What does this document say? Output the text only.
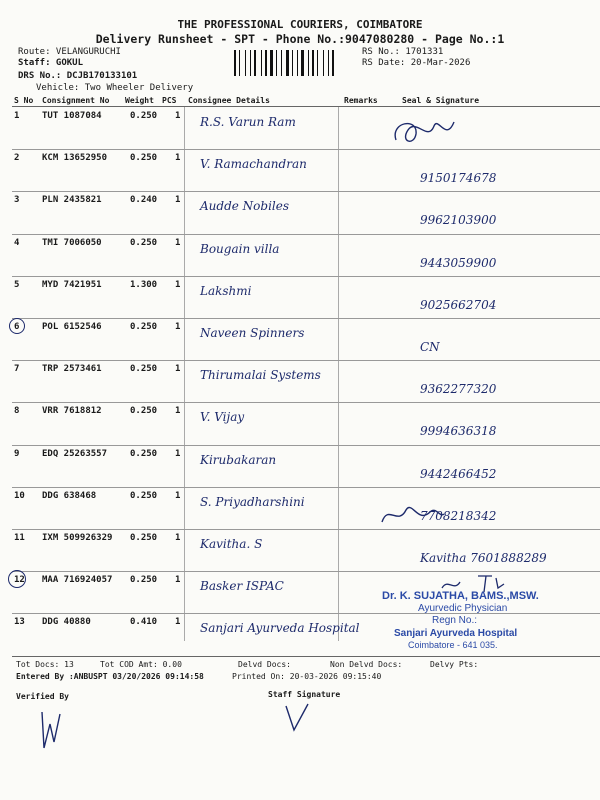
THE PROFESSIONAL COURIERS, COIMBATORE
Delivery Runsheet - SPT - Phone No.:9047080280 - Page No.:1
Route: VELANGURUCHI
Staff: GOKUL
DRS No.: DCJB170133101
Vehicle: Two Wheeler Delivery
RS No.: 1701331
RS Date: 20-Mar-2026
S No Consignment No Weight PCS Consignee Details	Remarks	Seal & Signature
1	TUT 1087084	0.250 1 R.S. Varun Ram
2	KCM 13652950	0.250 1 V. Ramachandran
9150174678
3	PLN 2435821	0.240 1 Audde Nobiles
9962103900
4	TMI 7006050	0.250 1 Bougain villa
9443059900
5	MYD 7421951	1.300 1 Lakshmi
9025662704
6	POL 6152546	0.250 1 Naveen Spinners
CN
7	TRP 2573461	0.250 1 Thirumalai Systems
9362277320
8	VRR 7618812	0.250 1 V. Vijay
9994636318
9	EDQ 25263557	0.250 1 Kirubakaran
9442466452
10 DDG 638468	0.250 1 S. Priyadharshini
7708218342
11 IXM 509926329 0.250 1 Kavitha. S
Kavitha 7601888289
12 MAA 716924057 0.250 1 Basker ISPAC
13 DDG 40880	0.410 1 Sanjari Ayurveda Hospital
Dr. K. SUJATHA, BAMS.,MSW.
Ayurvedic Physician
Regn No.:
Sanjari Ayurveda Hospital
Coimbatore - 641 035.
Tot Docs: 13	Tot COD Amt: 0.00	Delvd Docs:	Non Delvd Docs:	Delvy Pts:
Entered By :ANBUSPT 03/20/2026 09:14:58	Printed On: 20-03-2026 09:15:40
Verified By	Staff Signature
